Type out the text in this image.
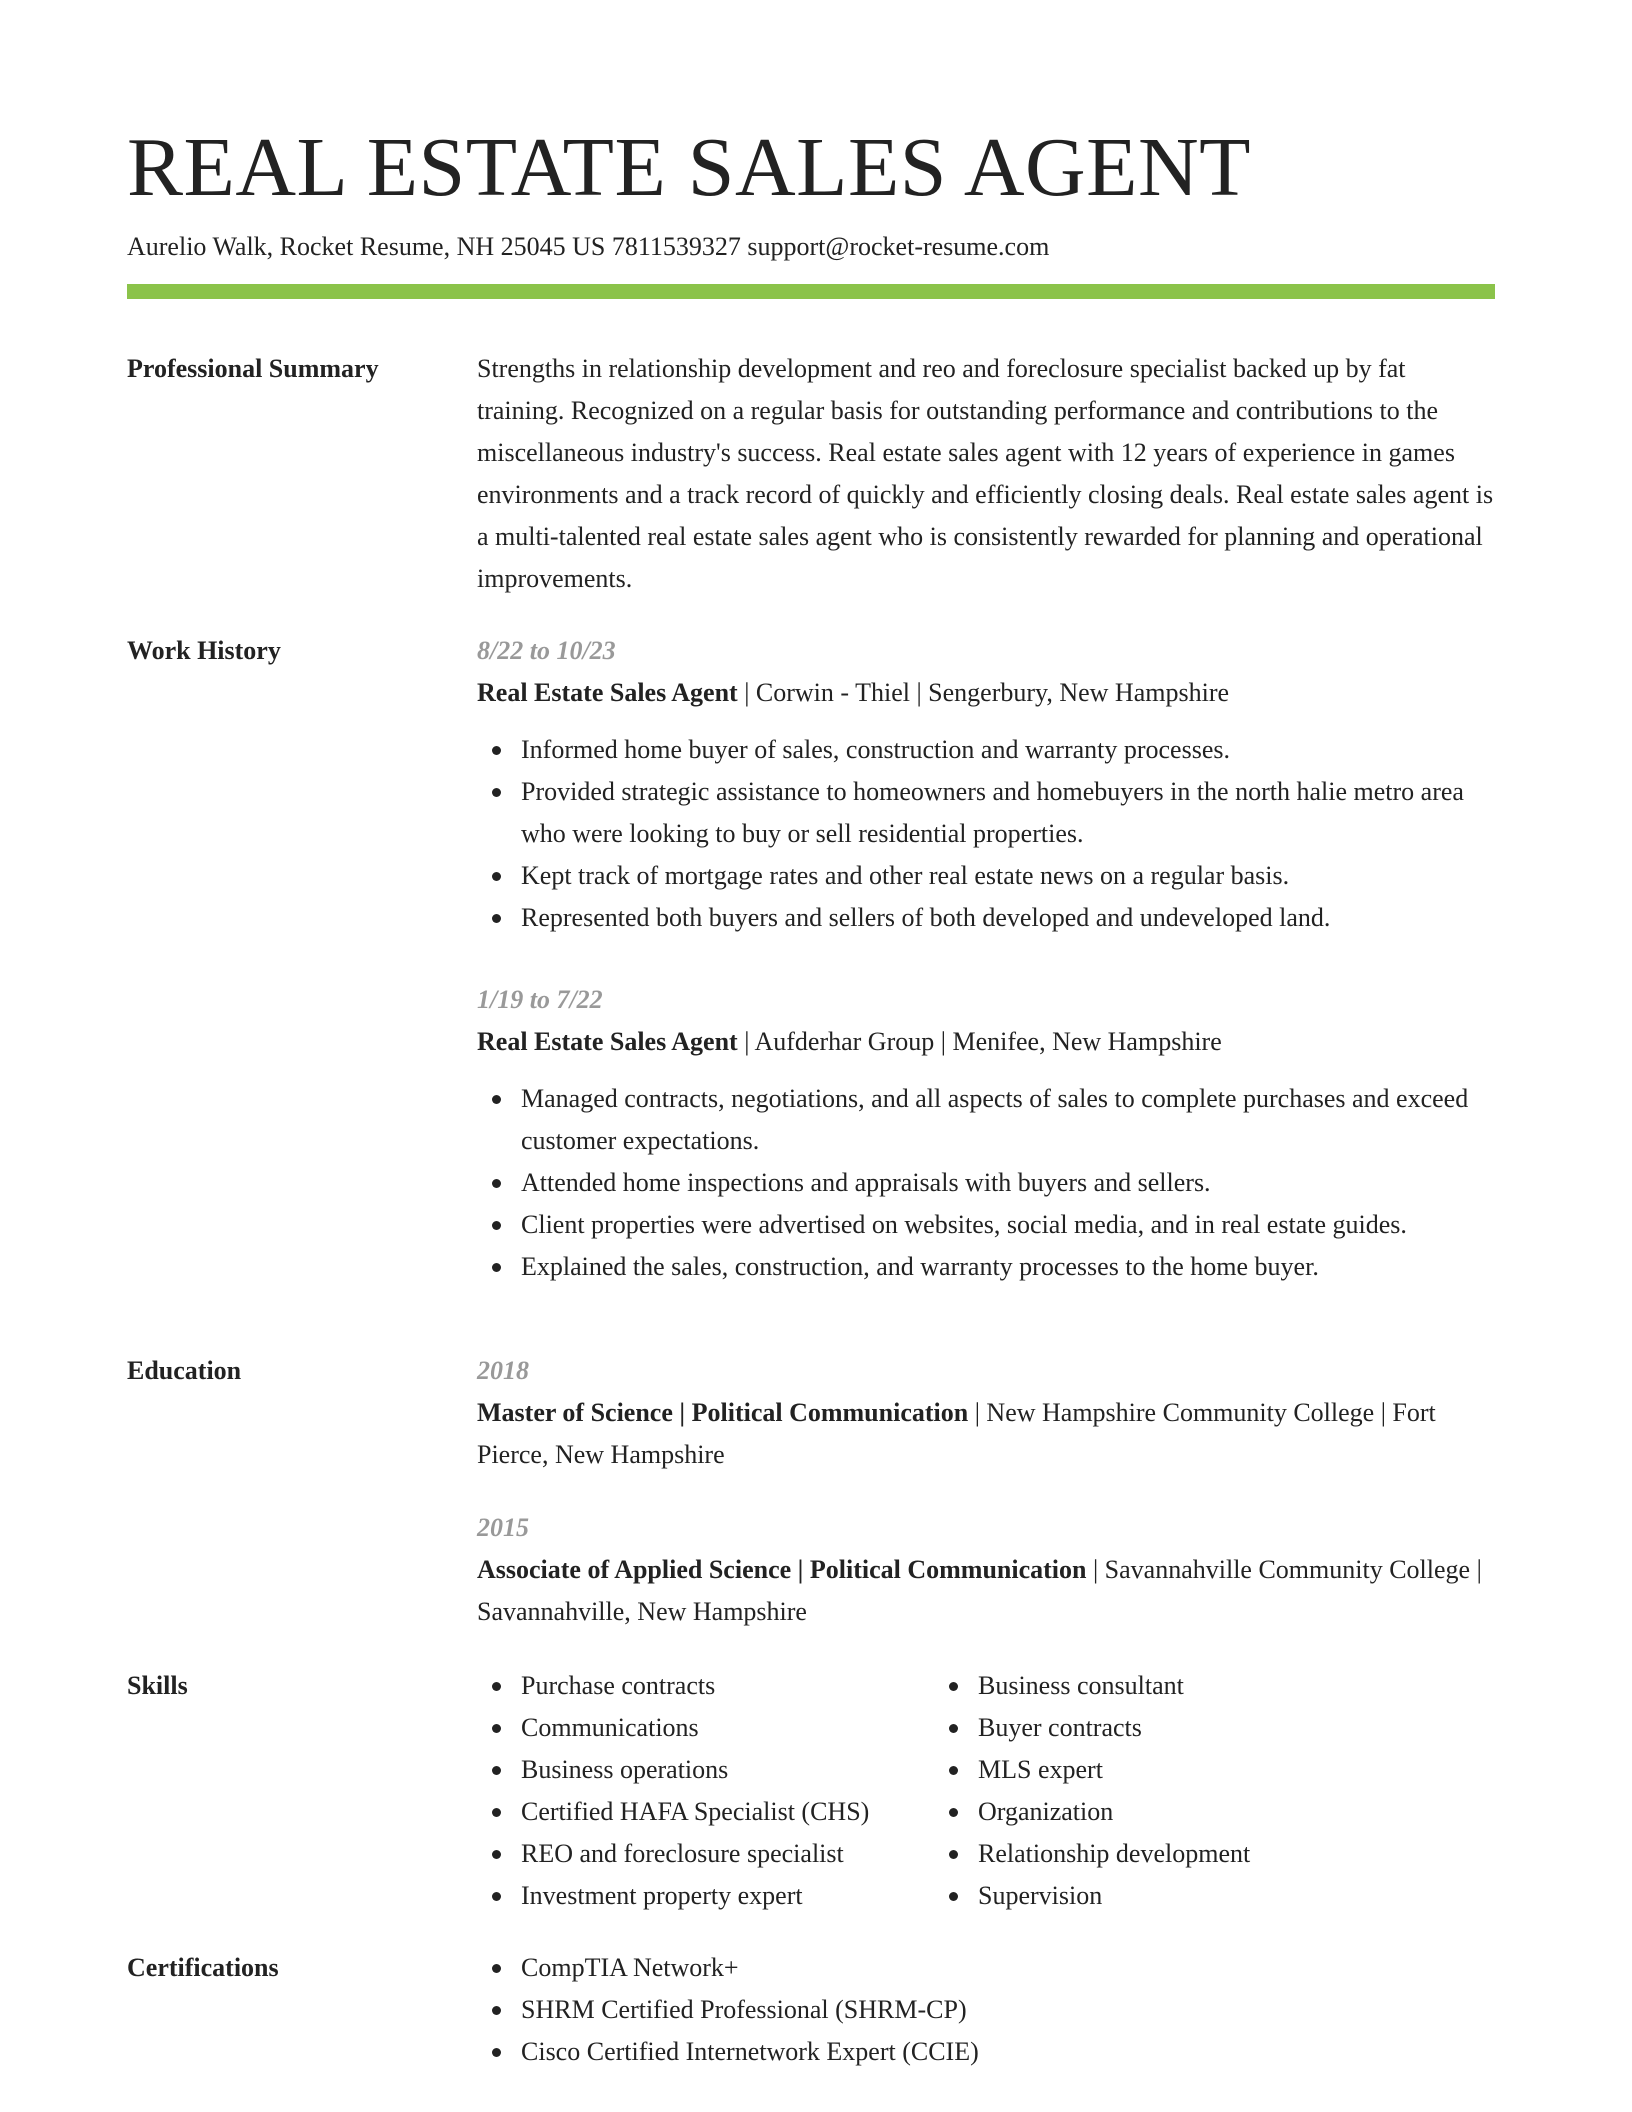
REAL ESTATE SALES AGENT
Aurelio Walk, Rocket Resume, NH 25045 US 7811539327 support@rocket-resume.com
Professional Summary	Strengths in relationship development and reo and foreclosure specialist backed up by fat training. Recognized on a regular basis for outstanding performance and contributions to the miscellaneous industry's success. Real estate sales agent with 12 years of experience in games environments and a track record of quickly and efficiently closing deals. Real estate sales agent is a multi-talented real estate sales agent who is consistently rewarded for planning and operational improvements.

Work History	8/22 to 10/23
Real Estate Sales Agent | Corwin - Thiel | Sengerbury, New Hampshire
Informed home buyer of sales, construction and warranty processes.
Provided strategic assistance to homeowners and homebuyers in the north halie metro area who were looking to buy or sell residential properties.
Kept track of mortgage rates and other real estate news on a regular basis.
Represented both buyers and sellers of both developed and undeveloped land.
1/19 to 7/22
Real Estate Sales Agent | Aufderhar Group | Menifee, New Hampshire
Managed contracts, negotiations, and all aspects of sales to complete purchases and exceed customer expectations.
Attended home inspections and appraisals with buyers and sellers.
Client properties were advertised on websites, social media, and in real estate guides.
Explained the sales, construction, and warranty processes to the home buyer.
Education	2018
Master of Science | Political Communication | New Hampshire Community College | Fort Pierce, New Hampshire
2015
Associate of Applied Science | Political Communication | Savannahville Community College | Savannahville, New Hampshire
Skills	Purchase contracts
Communications
Business operations
Certified HAFA Specialist (CHS)
REO and foreclosure specialist
Investment property expert
Business consultant
Buyer contracts
MLS expert
Organization
Relationship development
Supervision
Certifications	CompTIA Network+
SHRM Certified Professional (SHRM-CP)
Cisco Certified Internetwork Expert (CCIE)
